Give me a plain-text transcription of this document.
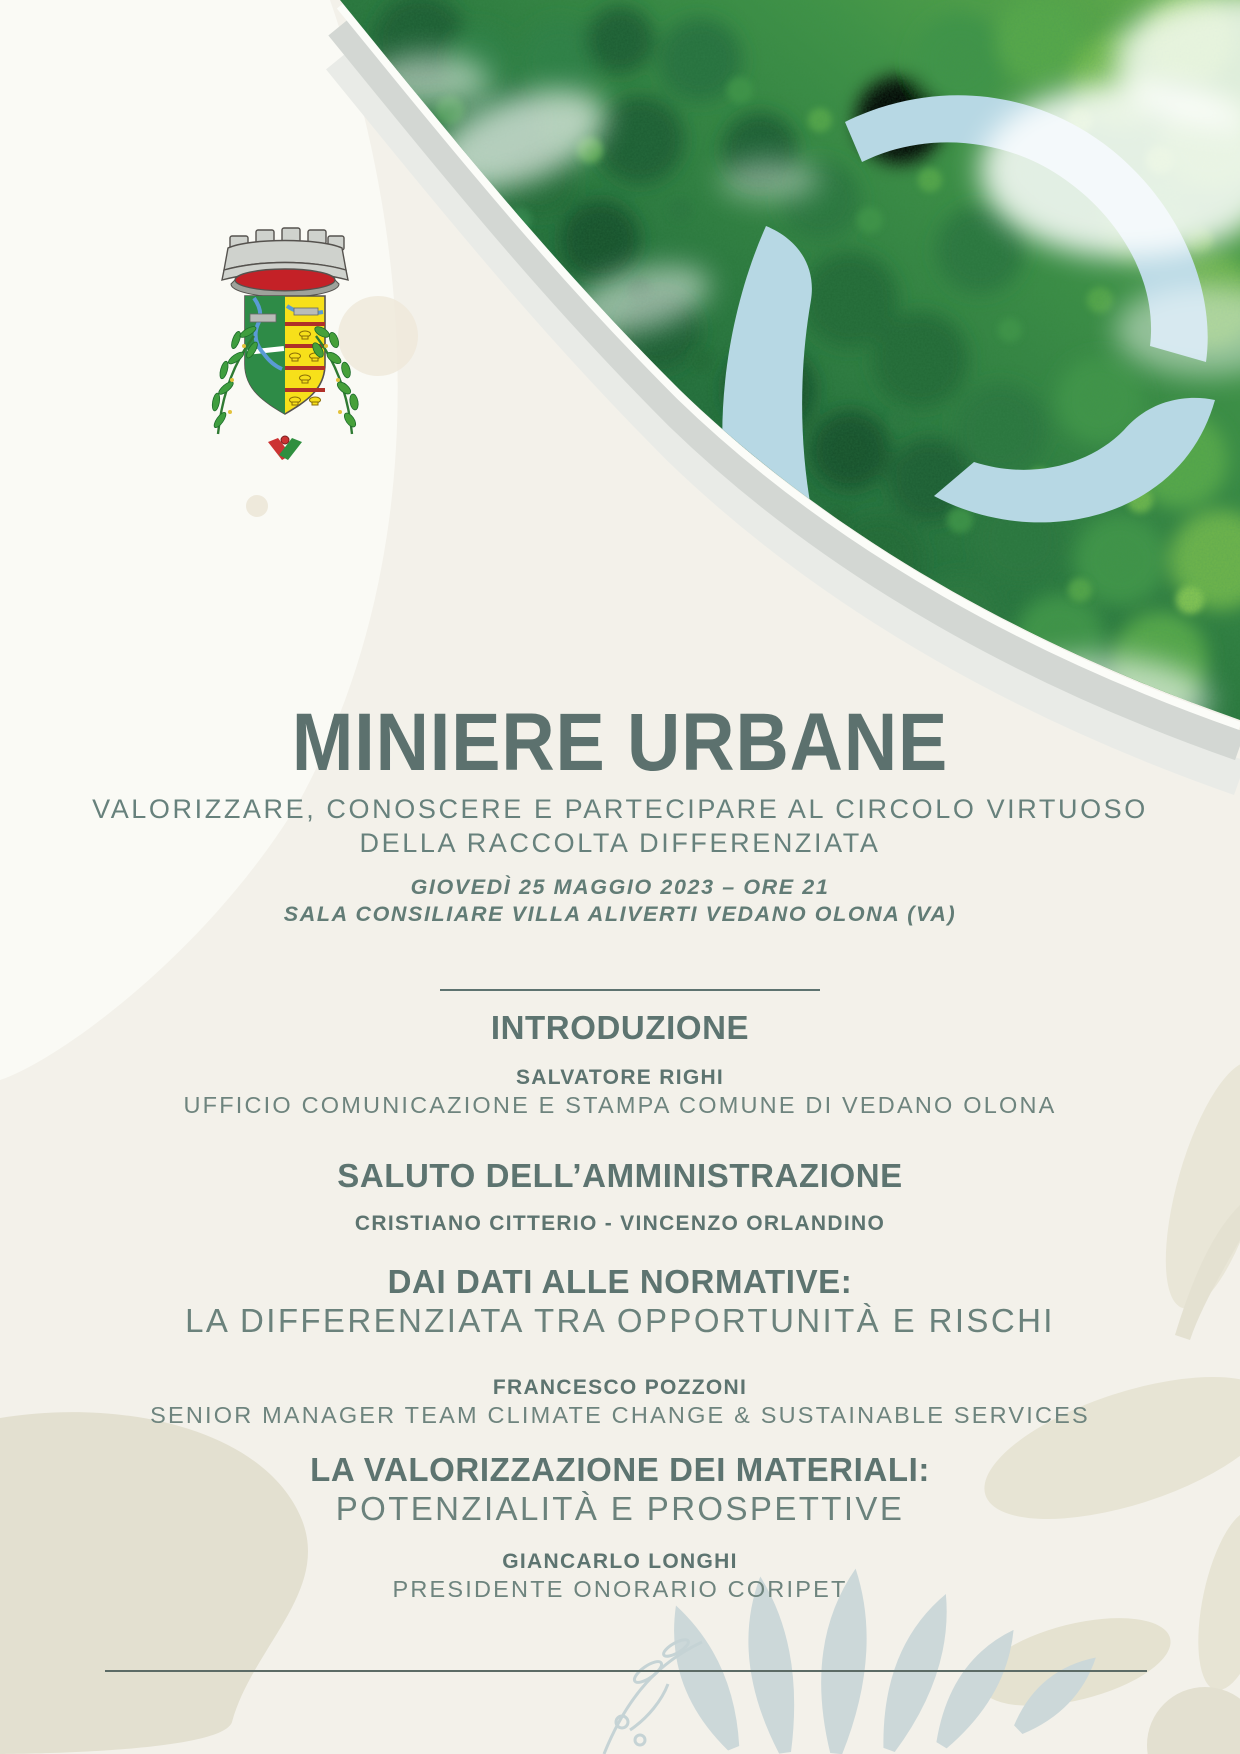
MINIERE URBANE
VALORIZZARE, CONOSCERE E PARTECIPARE AL CIRCOLO VIRTUOSO
DELLA RACCOLTA DIFFERENZIATA
GIOVEDÌ 25 MAGGIO 2023 – ORE 21
SALA CONSILIARE VILLA ALIVERTI VEDANO OLONA (VA)
INTRODUZIONE
SALVATORE RIGHI
UFFICIO COMUNICAZIONE E STAMPA COMUNE DI VEDANO OLONA
SALUTO DELL’AMMINISTRAZIONE
CRISTIANO CITTERIO - VINCENZO ORLANDINO
DAI DATI ALLE NORMATIVE:
LA DIFFERENZIATA TRA OPPORTUNITÀ E RISCHI
FRANCESCO POZZONI
SENIOR MANAGER TEAM CLIMATE CHANGE & SUSTAINABLE SERVICES
LA VALORIZZAZIONE DEI MATERIALI:
POTENZIALITÀ E PROSPETTIVE
GIANCARLO LONGHI
PRESIDENTE ONORARIO CORIPET
